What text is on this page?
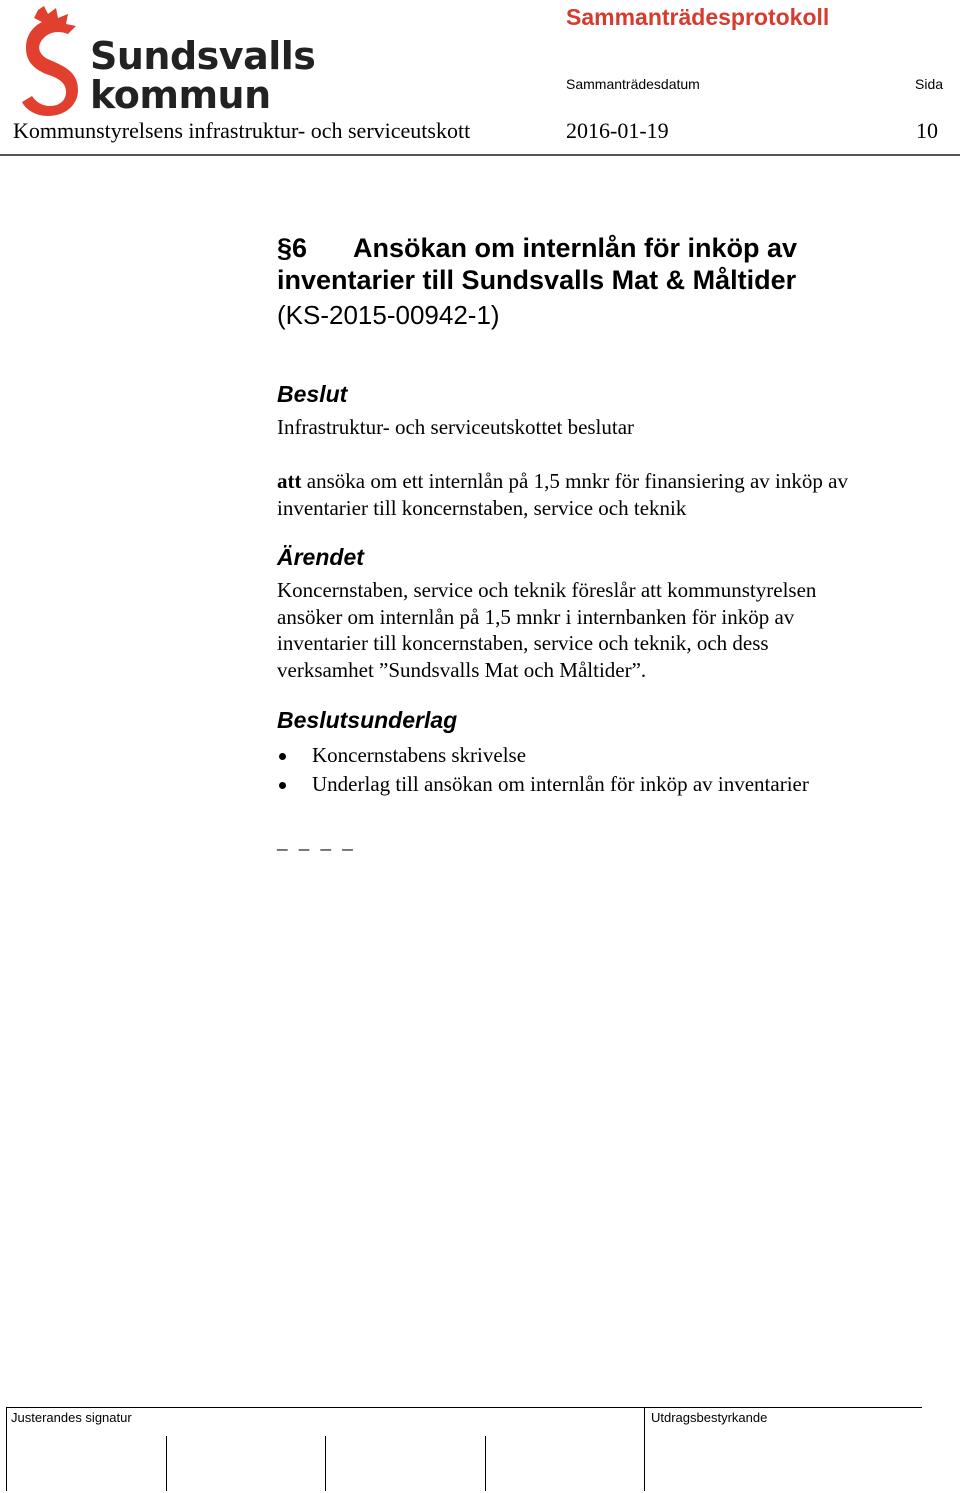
Sundsvalls
kommun
Sammanträdesprotokoll
Sammanträdesdatum	Sida
Kommunstyrelsens infrastruktur- och serviceutskott	2016-01-19	10
§6 Ansökan om internlån för inköp av
inventarier till Sundsvalls Mat & Måltider
(KS-2015-00942-1)
Beslut
Infrastruktur- och serviceutskottet beslutar
att ansöka om ett internlån på 1,5 mnkr för finansiering av inköp av
inventarier till koncernstaben, service och teknik
Ärendet
Koncernstaben, service och teknik föreslår att kommunstyrelsen
ansöker om internlån på 1,5 mnkr i internbanken för inköp av
inventarier till koncernstaben, service och teknik, och dess
verksamhet ”Sundsvalls Mat och Måltider”.
Beslutsunderlag
Koncernstabens skrivelse
Underlag till ansökan om internlån för inköp av inventarier
_ _ _ _
Justerandes signatur	Utdragsbestyrkande
